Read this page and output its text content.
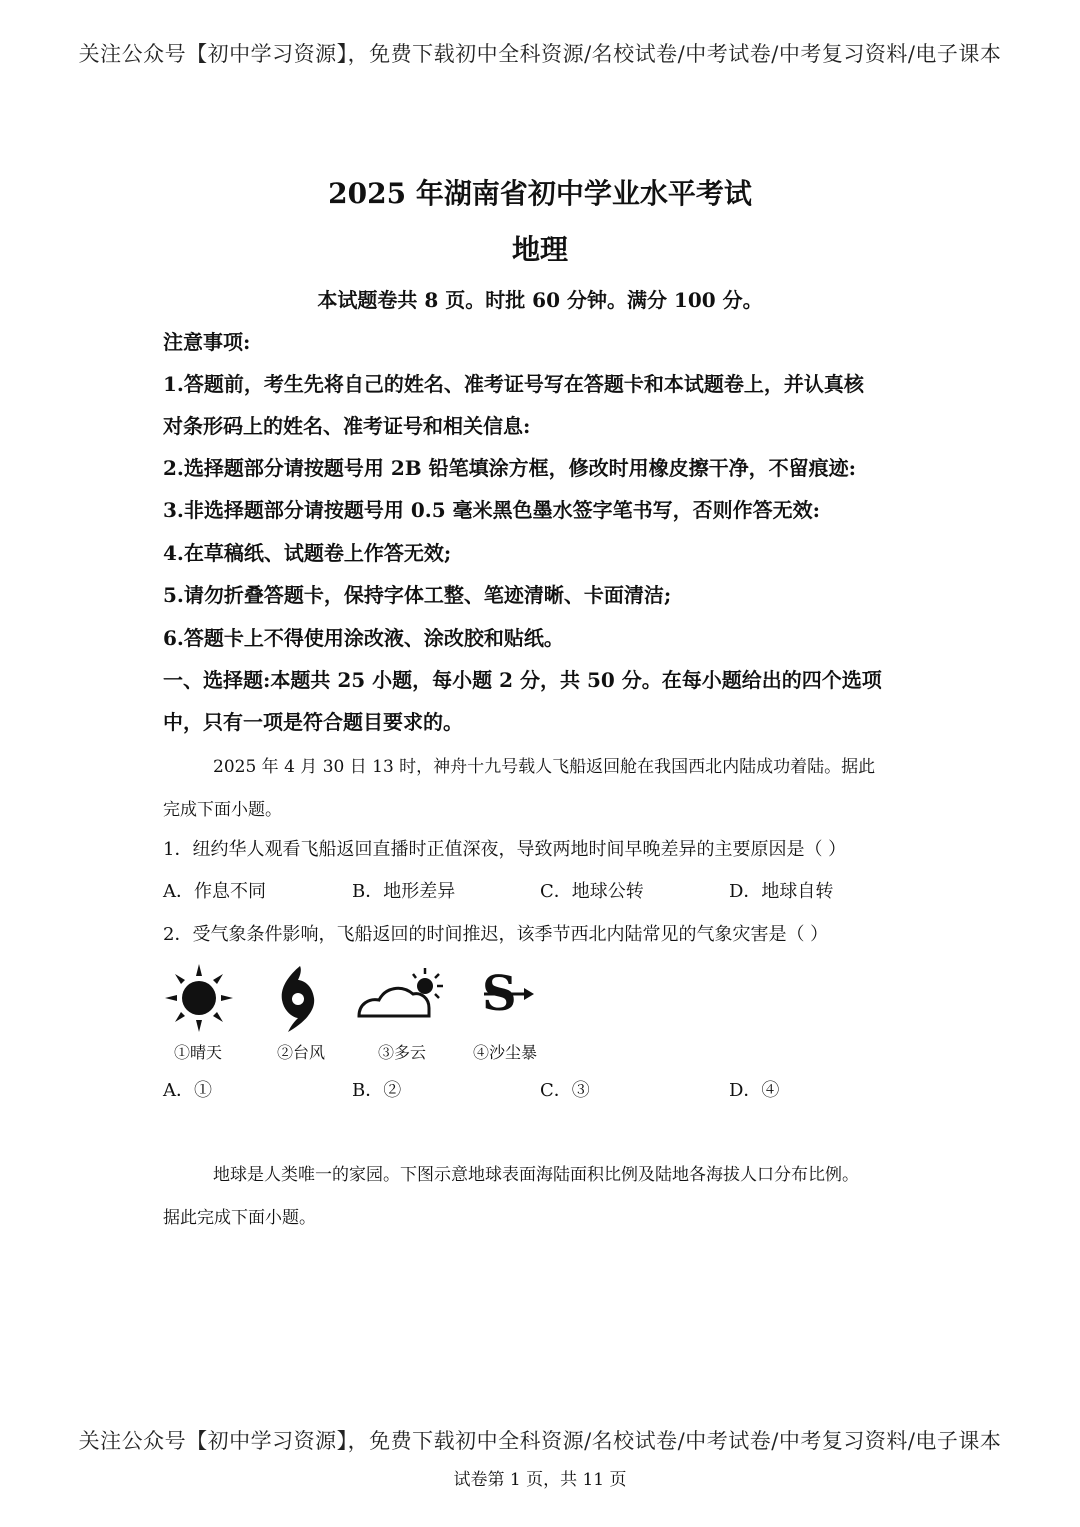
关注公众号【初中学习资源】，免费下载初中全科资源/名校试卷/中考试卷/中考复习资料/电子课本
2025 年湖南省初中学业水平考试
地理
本试题卷共 8 页。时批 60 分钟。满分 100 分。
注意事项:
1.答题前，考生先将自己的姓名、准考证号写在答题卡和本试题卷上，并认真核
对条形码上的姓名、准考证号和相关信息:
2.选择题部分请按题号用 2B 铅笔填涂方框，修改时用橡皮擦干净，不留痕迹:
3.非选择题部分请按题号用 0.5 毫米黑色墨水签字笔书写，否则作答无效:
4.在草稿纸、试题卷上作答无效;
5.请勿折叠答题卡，保持字体工整、笔迹清晰、卡面清洁;
6.答题卡上不得使用涂改液、涂改胶和贴纸。
一、选择题:本题共 25 小题，每小题 2 分，共 50 分。在每小题给出的四个选项
中，只有一项是符合题目要求的。
2025 年 4 月 30 日 13 时，神舟十九号载人飞船返回舱在我国西北内陆成功着陆。据此
完成下面小题。
1．纽约华人观看飞船返回直播时正值深夜，导致两地时间早晚差异的主要原因是（ ）
A．作息不同	B．地形差异	C．地球公转	D．地球自转
2．受气象条件影响，飞船返回的时间推迟，该季节西北内陆常见的气象灾害是（ ）
S
①晴天	②台风	③多云	④沙尘暴
A．①	B．②	C．③	D．④
地球是人类唯一的家园。下图示意地球表面海陆面积比例及陆地各海拔人口分布比例。
据此完成下面小题。
关注公众号【初中学习资源】，免费下载初中全科资源/名校试卷/中考试卷/中考复习资料/电子课本
试卷第 1 页，共 11 页
